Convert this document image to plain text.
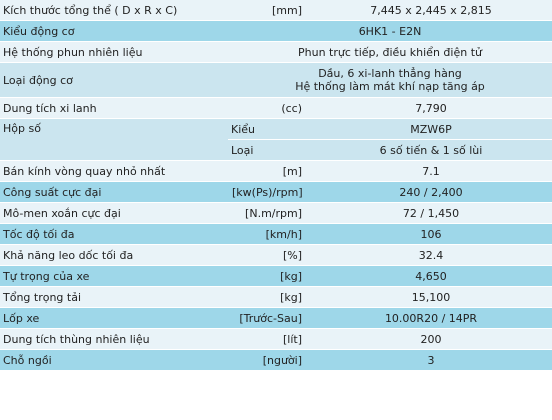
Kích thước tổng thể ( D x R x C)	[mm]	7,445 x 2,445 x 2,815
Kiểu động cơ	6HK1 - E2N	
Hệ thống phun nhiên liệu	Phun trực tiếp, điều khiển điện tử	
Loại động cơ	Dầu, 6 xi-lanh thẳng hàng
Hệ thống làm mát khí nạp tăng áp	

Dung tích xi lanh	(cc)	7,790
Hộp số	Kiểu	MZW6P
	Loại	6 số tiến & 1 số lùi
Bán kính vòng quay nhỏ nhất	[m]	7.1
Công suất cực đại	[kw(Ps)/rpm]	240 / 2,400
Mô-men xoắn cực đại	[N.m/rpm]	72 / 1,450
Tốc độ tối đa	[km/h]	106
Khả năng leo dốc tối đa	[%]	32.4
Tự trọng của xe	[kg]	4,650
Tổng trọng tải	[kg]	15,100
Lốp xe	[Trước-Sau]	10.00R20 / 14PR
Dung tích thùng nhiên liệu	[lít]	200
Chỗ ngồi	[người]	3
